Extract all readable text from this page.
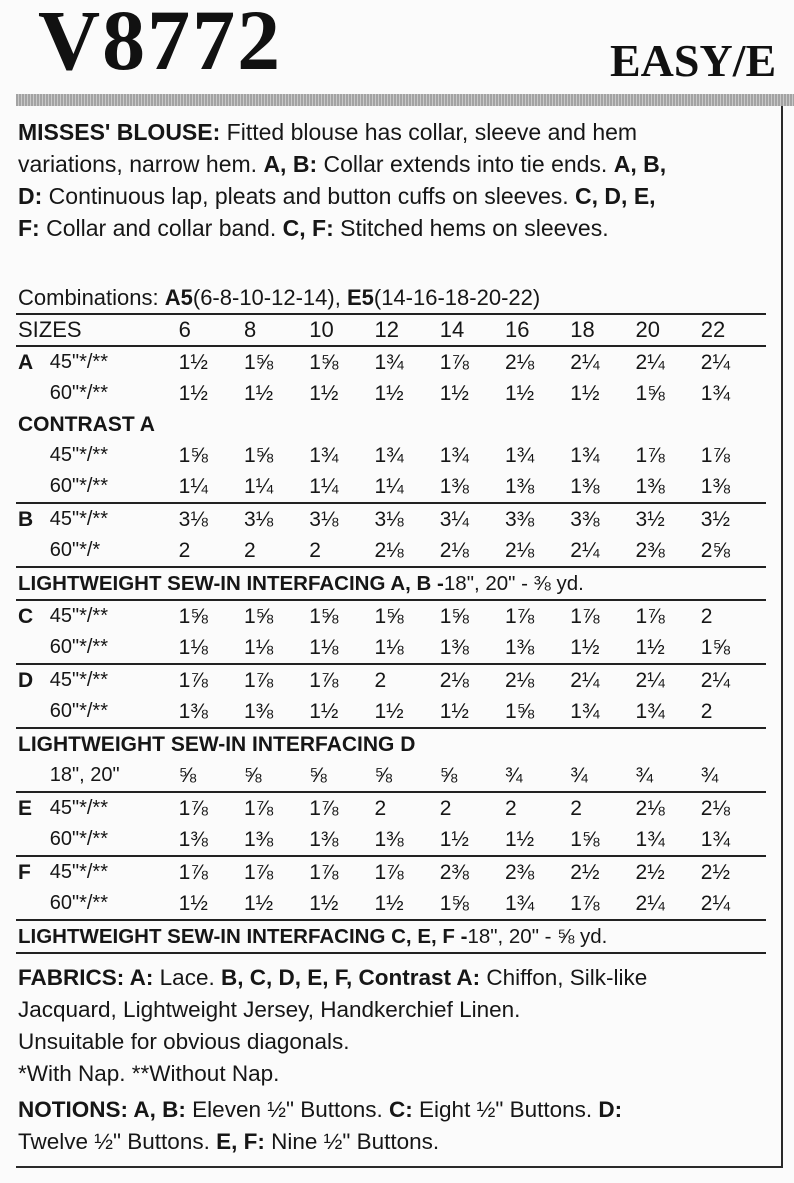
V8772	EASY/E
MISSES' BLOUSE: Fitted blouse has collar, sleeve and hem
variations, narrow hem. A, B: Collar extends into tie ends. A, B,
D: Continuous lap, pleats and button cuffs on sleeves. C, D, E,
F: Collar and collar band. C, F: Stitched hems on sleeves.
Combinations: A5(6-8-10-12-14), E5(14-16-18-20-22)
SIZES	6	8	10	12	14	16	18	20	22
A 45"*/**	1½	1⅝	1⅝	1¾	1⅞	2⅛	2¼	2¼	2¼
60"*/**	1½	1½	1½	1½	1½	1½	1½	1⅝	1¾
CONTRAST A
45"*/**	1⅝	1⅝	1¾	1¾	1¾	1¾	1¾	1⅞	1⅞
60"*/**	1¼	1¼	1¼	1¼	1⅜	1⅜	1⅜	1⅜	1⅜
B 45"*/**	3⅛	3⅛	3⅛	3⅛	3¼	3⅜	3⅜	3½	3½
60"*/*	2	2	2	2⅛	2⅛	2⅛	2¼	2⅜	2⅝
LIGHTWEIGHT SEW-IN INTERFACING A, B - 18", 20" - ⅜ yd.
C 45"*/**	1⅝	1⅝	1⅝	1⅝	1⅝	1⅞	1⅞	1⅞	2
60"*/**	1⅛	1⅛	1⅛	1⅛	1⅜	1⅜	1½	1½	1⅝
D 45"*/**	1⅞	1⅞	1⅞	2	2⅛	2⅛	2¼	2¼	2¼
60"*/**	1⅜	1⅜	1½	1½	1½	1⅝	1¾	1¾	2
LIGHTWEIGHT SEW-IN INTERFACING D
18", 20"	⅝	⅝	⅝	⅝	⅝	¾	¾	¾	¾
E 45"*/**	1⅞	1⅞	1⅞	2	2	2	2	2⅛	2⅛
60"*/**	1⅜	1⅜	1⅜	1⅜	1½	1½	1⅝	1¾	1¾
F 45"*/**	1⅞	1⅞	1⅞	1⅞	2⅜	2⅜	2½	2½	2½
60"*/**	1½	1½	1½	1½	1⅝	1¾	1⅞	2¼	2¼
LIGHTWEIGHT SEW-IN INTERFACING C, E, F - 18", 20" - ⅝ yd.
FABRICS: A: Lace. B, C, D, E, F, Contrast A: Chiffon, Silk-like
Jacquard, Lightweight Jersey, Handkerchief Linen.
Unsuitable for obvious diagonals.
*With Nap. **Without Nap.
NOTIONS: A, B: Eleven ½" Buttons. C: Eight ½" Buttons. D:
Twelve ½" Buttons. E, F: Nine ½" Buttons.
